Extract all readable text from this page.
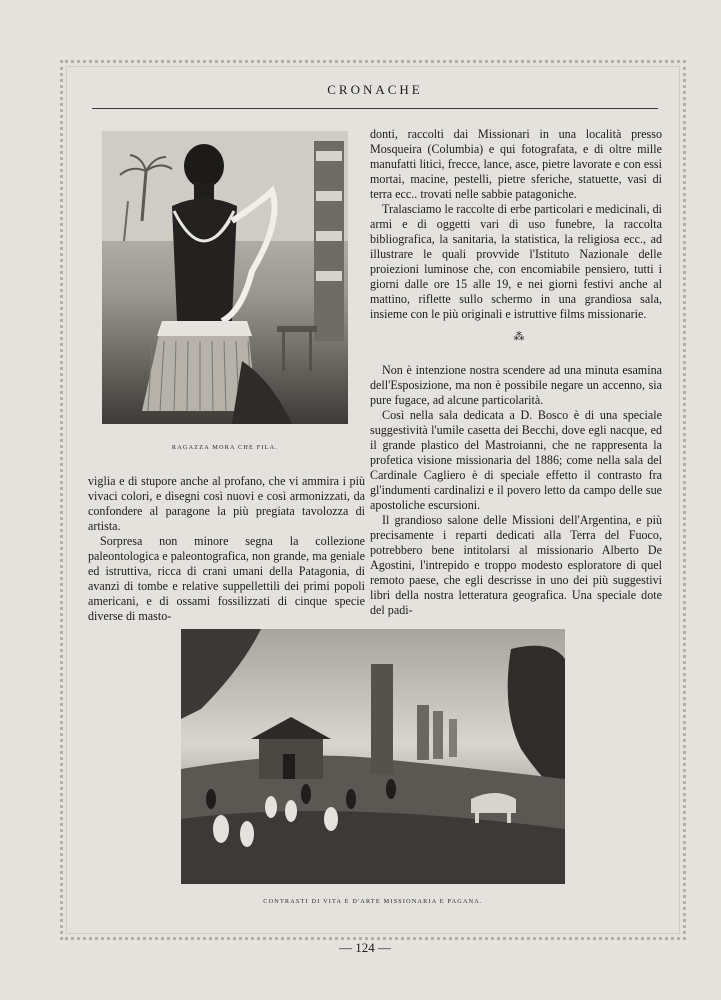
CRONACHE
RAGAZZA MORA CHE FILA.

donti, raccolti dai Missionari in una località presso Mosqueira (Columbia) e qui fotografata, e di oltre mille manufatti litici, frecce, lance, asce, pietre lavorate e con essi mortai, macine, pestelli, pietre sferiche, statuette, vasi di terra ecc.. trovati nelle sabbie patagoniche.

Tralasciamo le raccolte di erbe particolari e medicinali, di armi e di oggetti vari di uso funebre, la raccolta bibliografica, la sanitaria, la statistica, la religiosa ecc., ad illustrare le quali provvide l'Istituto Nazionale delle proiezioni luminose che, con encomiabile pensiero, tutti i giorni dalle ore 15 alle 19, e nei giorni festivi anche al mattino, riflette sullo schermo in una grandiosa sala, insieme con le più originali e istruttive films missionarie.

⁂

Non è intenzione nostra scendere ad una minuta esamina dell'Esposizione, ma non è possibile negare un accenno, sia pure fugace, ad alcune particolarità.

Così nella sala dedicata a D. Bosco è di una speciale suggestività l'umile casetta dei Becchi, dove egli nacque, ed il grande plastico del Mastroianni, che ne rappresenta la profetica visione missionaria del 1886; come nella sala del Cardinale Cagliero è di speciale effetto il contrasto fra gl'indumenti cardinalizi e il povero letto da campo delle sue apostoliche escursioni.

Il grandioso salone delle Missioni dell'Argentina, e più precisamente i reparti dedicati alla Terra del Fuoco, potrebbero bene intitolarsi al missionario Alberto De Agostini, l'intrepido e troppo modesto esploratore di quel remoto paese, che egli descrisse in uno dei più suggestivi libri della nostra letteratura geografica. Una speciale dote del padi-

viglia e di stupore anche al profano, che vi ammira i più vivaci colori, e disegni così nuovi e così armonizzati, da confondere al paragone la più pregiata tavolozza di artista.

Sorpresa non minore segna la collezione paleontologica e paleontografica, non grande, ma geniale ed istruttiva, ricca di crani umani della Patagonia, di avanzi di tombe e relative suppellettili dei primi popoli americani, e di ossami fossilizzati di cinque specie diverse di masto-

CONTRASTI DI VITA E D'ARTE MISSIONARIA E PAGANA.
— 124 —
